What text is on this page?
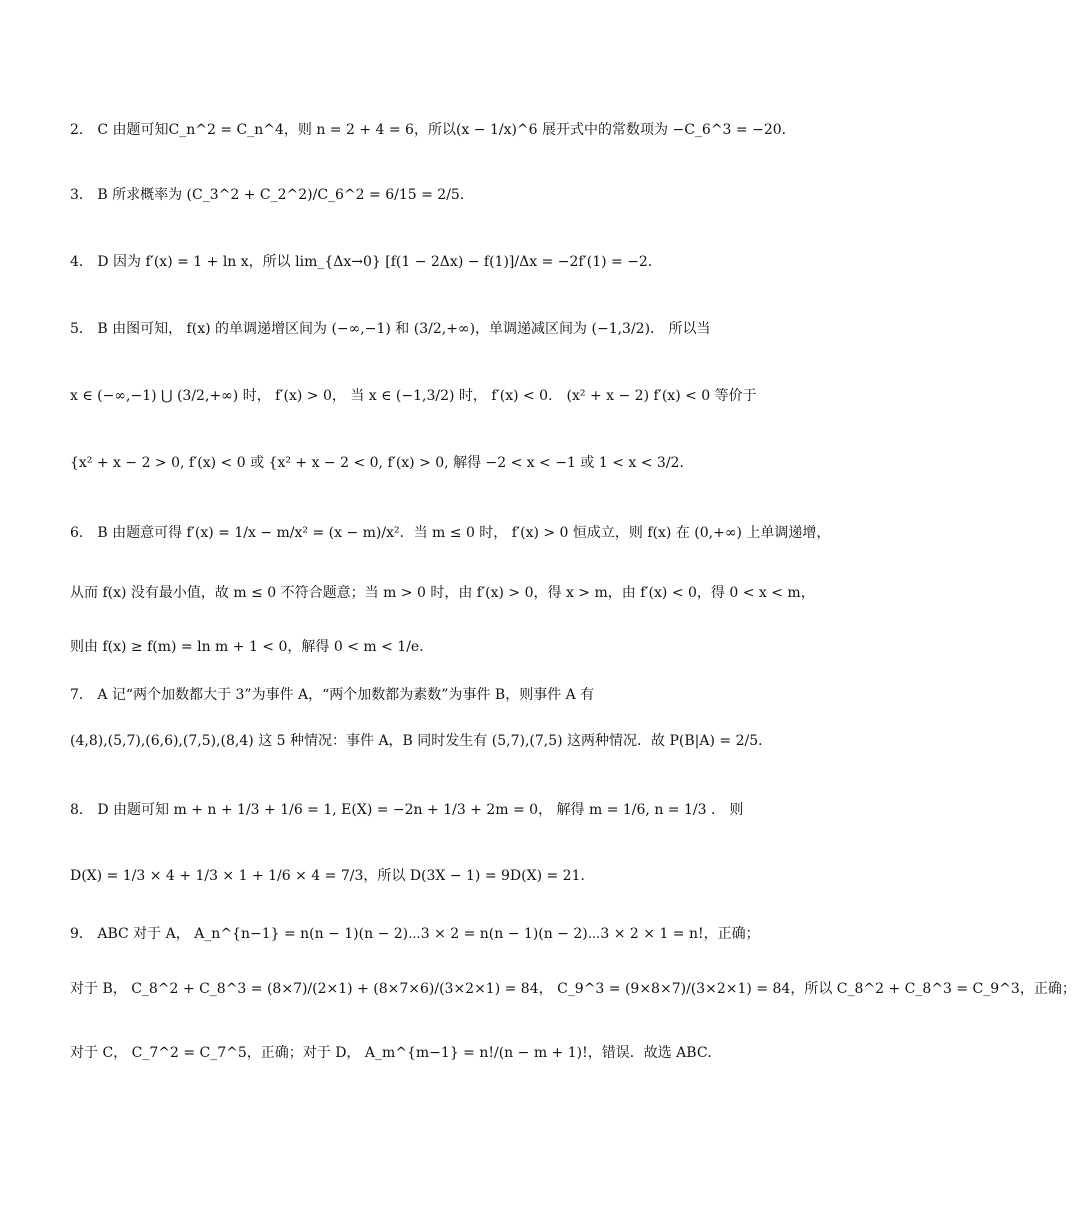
2． C 由题可知C_n^2 = C_n^4，则 n = 2 + 4 = 6，所以(x − 1/x)^6 展开式中的常数项为 −C_6^3 = −20．
3． B 所求概率为 (C_3^2 + C_2^2)/C_6^2 = 6/15 = 2/5．
4． D 因为 f′(x) = 1 + ln x，所以 lim_{Δx→0} [f(1 − 2Δx) − f(1)]/Δx = −2f′(1) = −2．
5． B 由图可知， f(x) 的单调递增区间为 (−∞,−1) 和 (3/2,+∞)，单调递减区间为 (−1,3/2)． 所以当
x ∈ (−∞,−1) ⋃ (3/2,+∞) 时， f′(x) > 0， 当 x ∈ (−1,3/2) 时， f′(x) < 0． (x² + x − 2) f′(x) < 0 等价于
{x² + x − 2 > 0, f′(x) < 0 或 {x² + x − 2 < 0, f′(x) > 0, 解得 −2 < x < −1 或 1 < x < 3/2．
6． B 由题意可得 f′(x) = 1/x − m/x² = (x − m)/x²．当 m ≤ 0 时， f′(x) > 0 恒成立，则 f(x) 在 (0,+∞) 上单调递增，
从而 f(x) 没有最小值，故 m ≤ 0 不符合题意；当 m > 0 时，由 f′(x) > 0，得 x > m，由 f′(x) < 0，得 0 < x < m，
则由 f(x) ≥ f(m) = ln m + 1 < 0，解得 0 < m < 1/e．
7． A 记“两个加数都大于 3”为事件 A，“两个加数都为素数”为事件 B，则事件 A 有
(4,8),(5,7),(6,6),(7,5),(8,4) 这 5 种情况：事件 A，B 同时发生有 (5,7),(7,5) 这两种情况．故 P(B|A) = 2/5．
8． D 由题可知 m + n + 1/3 + 1/6 = 1, E(X) = −2n + 1/3 + 2m = 0， 解得 m = 1/6, n = 1/3 ． 则
D(X) = 1/3 × 4 + 1/3 × 1 + 1/6 × 4 = 7/3，所以 D(3X − 1) = 9D(X) = 21．
9． ABC 对于 A， A_n^{n−1} = n(n − 1)(n − 2)⋯3 × 2 = n(n − 1)(n − 2)⋯3 × 2 × 1 = n!，正确；
对于 B， C_8^2 + C_8^3 = (8×7)/(2×1) + (8×7×6)/(3×2×1) = 84， C_9^3 = (9×8×7)/(3×2×1) = 84，所以 C_8^2 + C_8^3 = C_9^3，正确；
对于 C， C_7^2 = C_7^5，正确；对于 D， A_m^{m−1} = n!/(n − m + 1)!，错误．故选 ABC．
